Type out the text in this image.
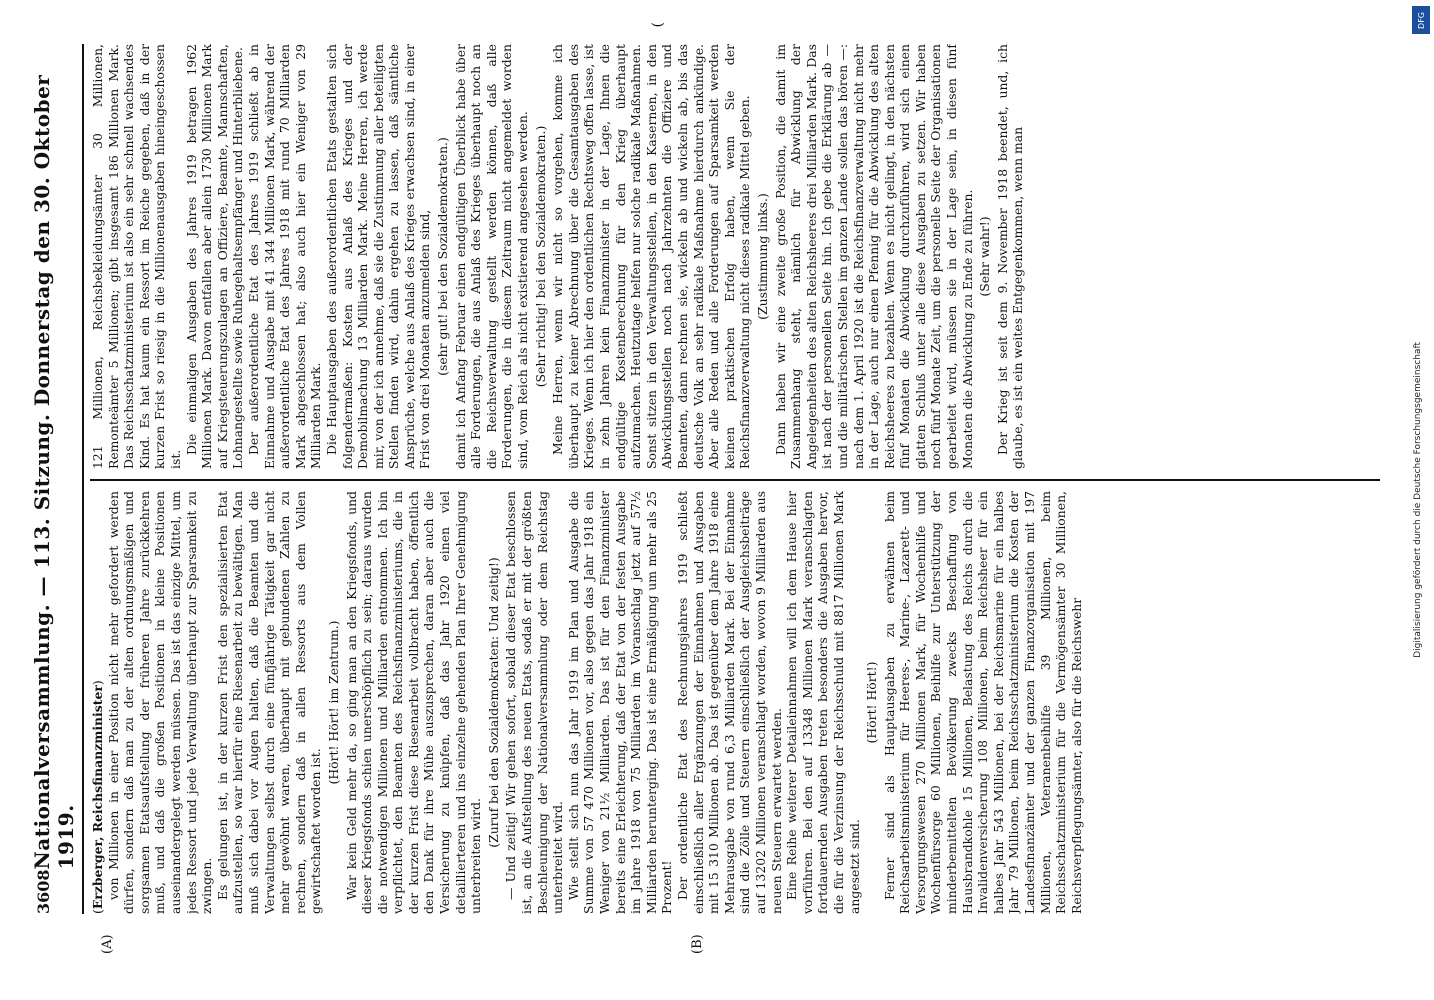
3608
Nationalversammlung. — 113. Sitzung. Donnerstag den 30. Oktober 1919.
(A)	(B)

(Erzberger, Reichsfinanzminister) von Millionen in einer Position nicht mehr gefordert werden dürfen, sondern daß man zu der alten ordnungsmäßigen und sorgsamen Etatsaufstellung der früheren Jahre zurückkehren muß, und daß die großen Positionen in kleine Positionen auseinandergelegt werden müssen. Das ist das einzige Mittel, um jedes Ressort und jede Verwaltung überhaupt zur Sparsamkeit zu zwingen. Es gelungen ist, in der kurzen Frist den spezialisierten Etat aufzustellen, so war hierfür eine Riesenarbeit zu bewältigen. Man muß sich dabei vor Augen halten, daß die Beamten und die Verwaltungen selbst durch eine fünfjährige Tätigkeit gar nicht mehr gewöhnt waren, überhaupt mit gebundenen Zahlen zu rechnen, sondern daß in allen Ressorts aus dem Vollen gewirtschaftet worden ist.

(Hört! Hört! im Zentrum.) War kein Geld mehr da, so ging man an den Kriegsfonds, und dieser Kriegsfonds schien unerschöpflich zu sein; daraus wurden die notwendigen Millionen und Milliarden entnommen. Ich bin verpflichtet, den Beamten des Reichsfinanzministeriums, die in der kurzen Frist diese Riesenarbeit vollbracht haben, öffentlich den Dank für ihre Mühe auszusprechen, daran aber auch die Versicherung zu knüpfen, daß das Jahr 1920 einen viel detaillierteren und ins einzelne gehenden Plan Ihrer Genehmigung unterbreiten wird.

(Zuruf bei den Sozialdemokraten: Und zeitig!) — Und zeitig! Wir gehen sofort, sobald dieser Etat beschlossen ist, an die Aufstellung des neuen Etats, sodaß er mit der größten Beschleunigung der Nationalversammlung oder dem Reichstag unterbreitet wird. Wie stellt sich nun das Jahr 1919 im Plan und Ausgabe die Summe von 57 470 Millionen vor, also gegen das Jahr 1918 ein Weniger von 21½ Milliarden. Das ist für den Finanzminister bereits eine Erleichterung, daß der Etat von der festen Ausgabe im Jahre 1918 von 75 Milliarden im Voranschlag jetzt auf 57½ Milliarden herunterging. Das ist eine Ermäßigung um mehr als 25 Prozent! Der ordentliche Etat des Rechnungsjahres 1919 schließt einschließlich aller Ergänzungen der Einnahmen und Ausgaben mit 15 310 Millionen ab. Das ist gegenüber dem Jahre 1918 eine Mehrausgabe von rund 6,3 Milliarden Mark. Bei der Einnahme sind die Zölle und Steuern einschließlich der Ausgleichsbeiträge auf 13202 Millionen veranschlagt worden, wovon 9 Milliarden aus neuen Steuern erwartet werden. Eine Reihe weiterer Detaileinnahmen will ich dem Hause hier vorführen. Bei den auf 13348 Millionen Mark veranschlagten fortdauernden Ausgaben treten besonders die Ausgaben hervor, die für die Verzinsung der Reichsschuld mit 8817 Millionen Mark angesetzt sind.

(Hört! Hört!) Ferner sind als Hauptausgaben zu erwähnen beim Reichsarbeitsministerium für Heeres-, Marine-, Lazarett- und Versorgungswesen 270 Millionen Mark, für Wochenhilfe und Wochenfürsorge 60 Millionen, Beihilfe zur Unterstützung der minderbemittelten Bevölkerung zwecks Beschaffung von Hausbrandkohle 15 Millionen, Belastung des Reichs durch die Invalidenversicherung 108 Millionen, beim Reichsheer für ein halbes Jahr 543 Millionen, bei der Reichsmarine für ein halbes Jahr 79 Millionen, beim Reichsschatzministerium die Kosten der Landesfinanzämter und der ganzen Finanzorganisation mit 197 Millionen, Veteranenbeihilfe 39 Millionen, beim Reichsschatzministerium für die Vermögensämter 30 Millionen, Reichsverpflegungsämter, also für die Reichswehr

121 Millionen, Reichsbekleidungsämter 30 Millionen, Remonteämter 5 Millionen; gibt insgesamt 186 Millionen Mark. Das Reichsschatzministerium ist also ein sehr schnell wachsendes Kind. Es hat kaum ein Ressort im Reiche gegeben, daß in der kurzen Frist so riesig in die Millionenausgaben hineingeschossen ist.

Die einmaligen Ausgaben des Jahres 1919 betragen 1962 Millionen Mark. Davon entfallen aber allein 1730 Millionen Mark auf Kriegsteuerungszulagen an Offiziere, Beamte, Mannschaften, Lohnangestellte sowie Ruhegehaltsempfänger und Hinterbliebene. Der außerordentliche Etat des Jahres 1919 schließt ab in Einnahme und Ausgabe mit 41 344 Millionen Mark, während der außerordentliche Etat des Jahres 1918 mit rund 70 Milliarden Mark abgeschlossen hat; also auch hier ein Weniger von 29 Milliarden Mark. Die Hauptausgaben des außerordentlichen Etats gestalten sich folgendermaßen: Kosten aus Anlaß des Krieges und der Demobilmachung 13 Milliarden Mark. Meine Herren, ich werde mir, von der ich annehme, daß sie die Zustimmung aller beteiligten Stellen finden wird, dahin ergehen zu lassen, daß sämtliche Ansprüche, welche aus Anlaß des Krieges erwachsen sind, in einer Frist von drei Monaten anzumelden sind, (sehr gut! bei den Sozialdemokraten.) damit ich Anfang Februar einen endgültigen Überblick habe über alle Forderungen, die aus Anlaß des Krieges überhaupt noch an die Reichsverwaltung gestellt werden können, daß alle Forderungen, die in diesem Zeitraum nicht angemeldet worden sind, vom Reich als nicht existierend angesehen werden. (Sehr richtig! bei den Sozialdemokraten.) Meine Herren, wenn wir nicht so vorgehen, komme ich überhaupt zu keiner Abrechnung über die Gesamtausgaben des Krieges. Wenn ich hier den ordentlichen Rechtsweg offen lasse, ist in zehn Jahren kein Finanzminister in der Lage, Ihnen die endgültige Kostenberechnung für den Krieg überhaupt aufzumachen. Heutzutage helfen nur solche radikale Maßnahmen. Sonst sitzen in den Verwaltungsstellen, in den Kasernen, in den Abwicklungsstellen noch nach Jahrzehnten die Offiziere und Beamten, dann rechnen sie, wickeln ab und wickeln ab, bis das deutsche Volk an sehr radikale Maßnahme hierdurch ankündige. Aber alle Reden und alle Forderungen auf Sparsamkeit werden keinen praktischen Erfolg haben, wenn Sie der Reichsfinanzverwaltung nicht dieses radikale Mittel geben. (Zustimmung links.) Dann haben wir eine zweite große Position, die damit im Zusammenhang steht, nämlich für Abwicklung der Angelegenheiten des alten Reichsheeres drei Milliarden Mark. Das ist nach der personellen Seite hin. Ich gebe die Erklärung ab — und die militärischen Stellen im ganzen Lande sollen das hören —: nach dem 1. April 1920 ist die Reichsfinanzverwaltung nicht mehr in der Lage, auch nur einen Pfennig für die Abwicklung des alten Reichsheeres zu bezahlen. Wenn es nicht gelingt, in den nächsten fünf Monaten die Abwicklung durchzuführen, wird sich einen glatten Schluß unter alle diese Ausgaben zu setzen. Wir haben noch fünf Monate Zeit, um die personelle Seite der Organisationen gearbeitet wird, müssen sie in der Lage sein, in diesen fünf Monaten die Abwicklung zu Ende zu führen. (Sehr wahr!) Der Krieg ist seit dem 9. November 1918 beendet, und, ich glaube, es ist ein weites Entgegenkommen, wenn man

(	DFG
Digitalisierung gefördert durch die Deutsche Forschungsgemeinschaft
